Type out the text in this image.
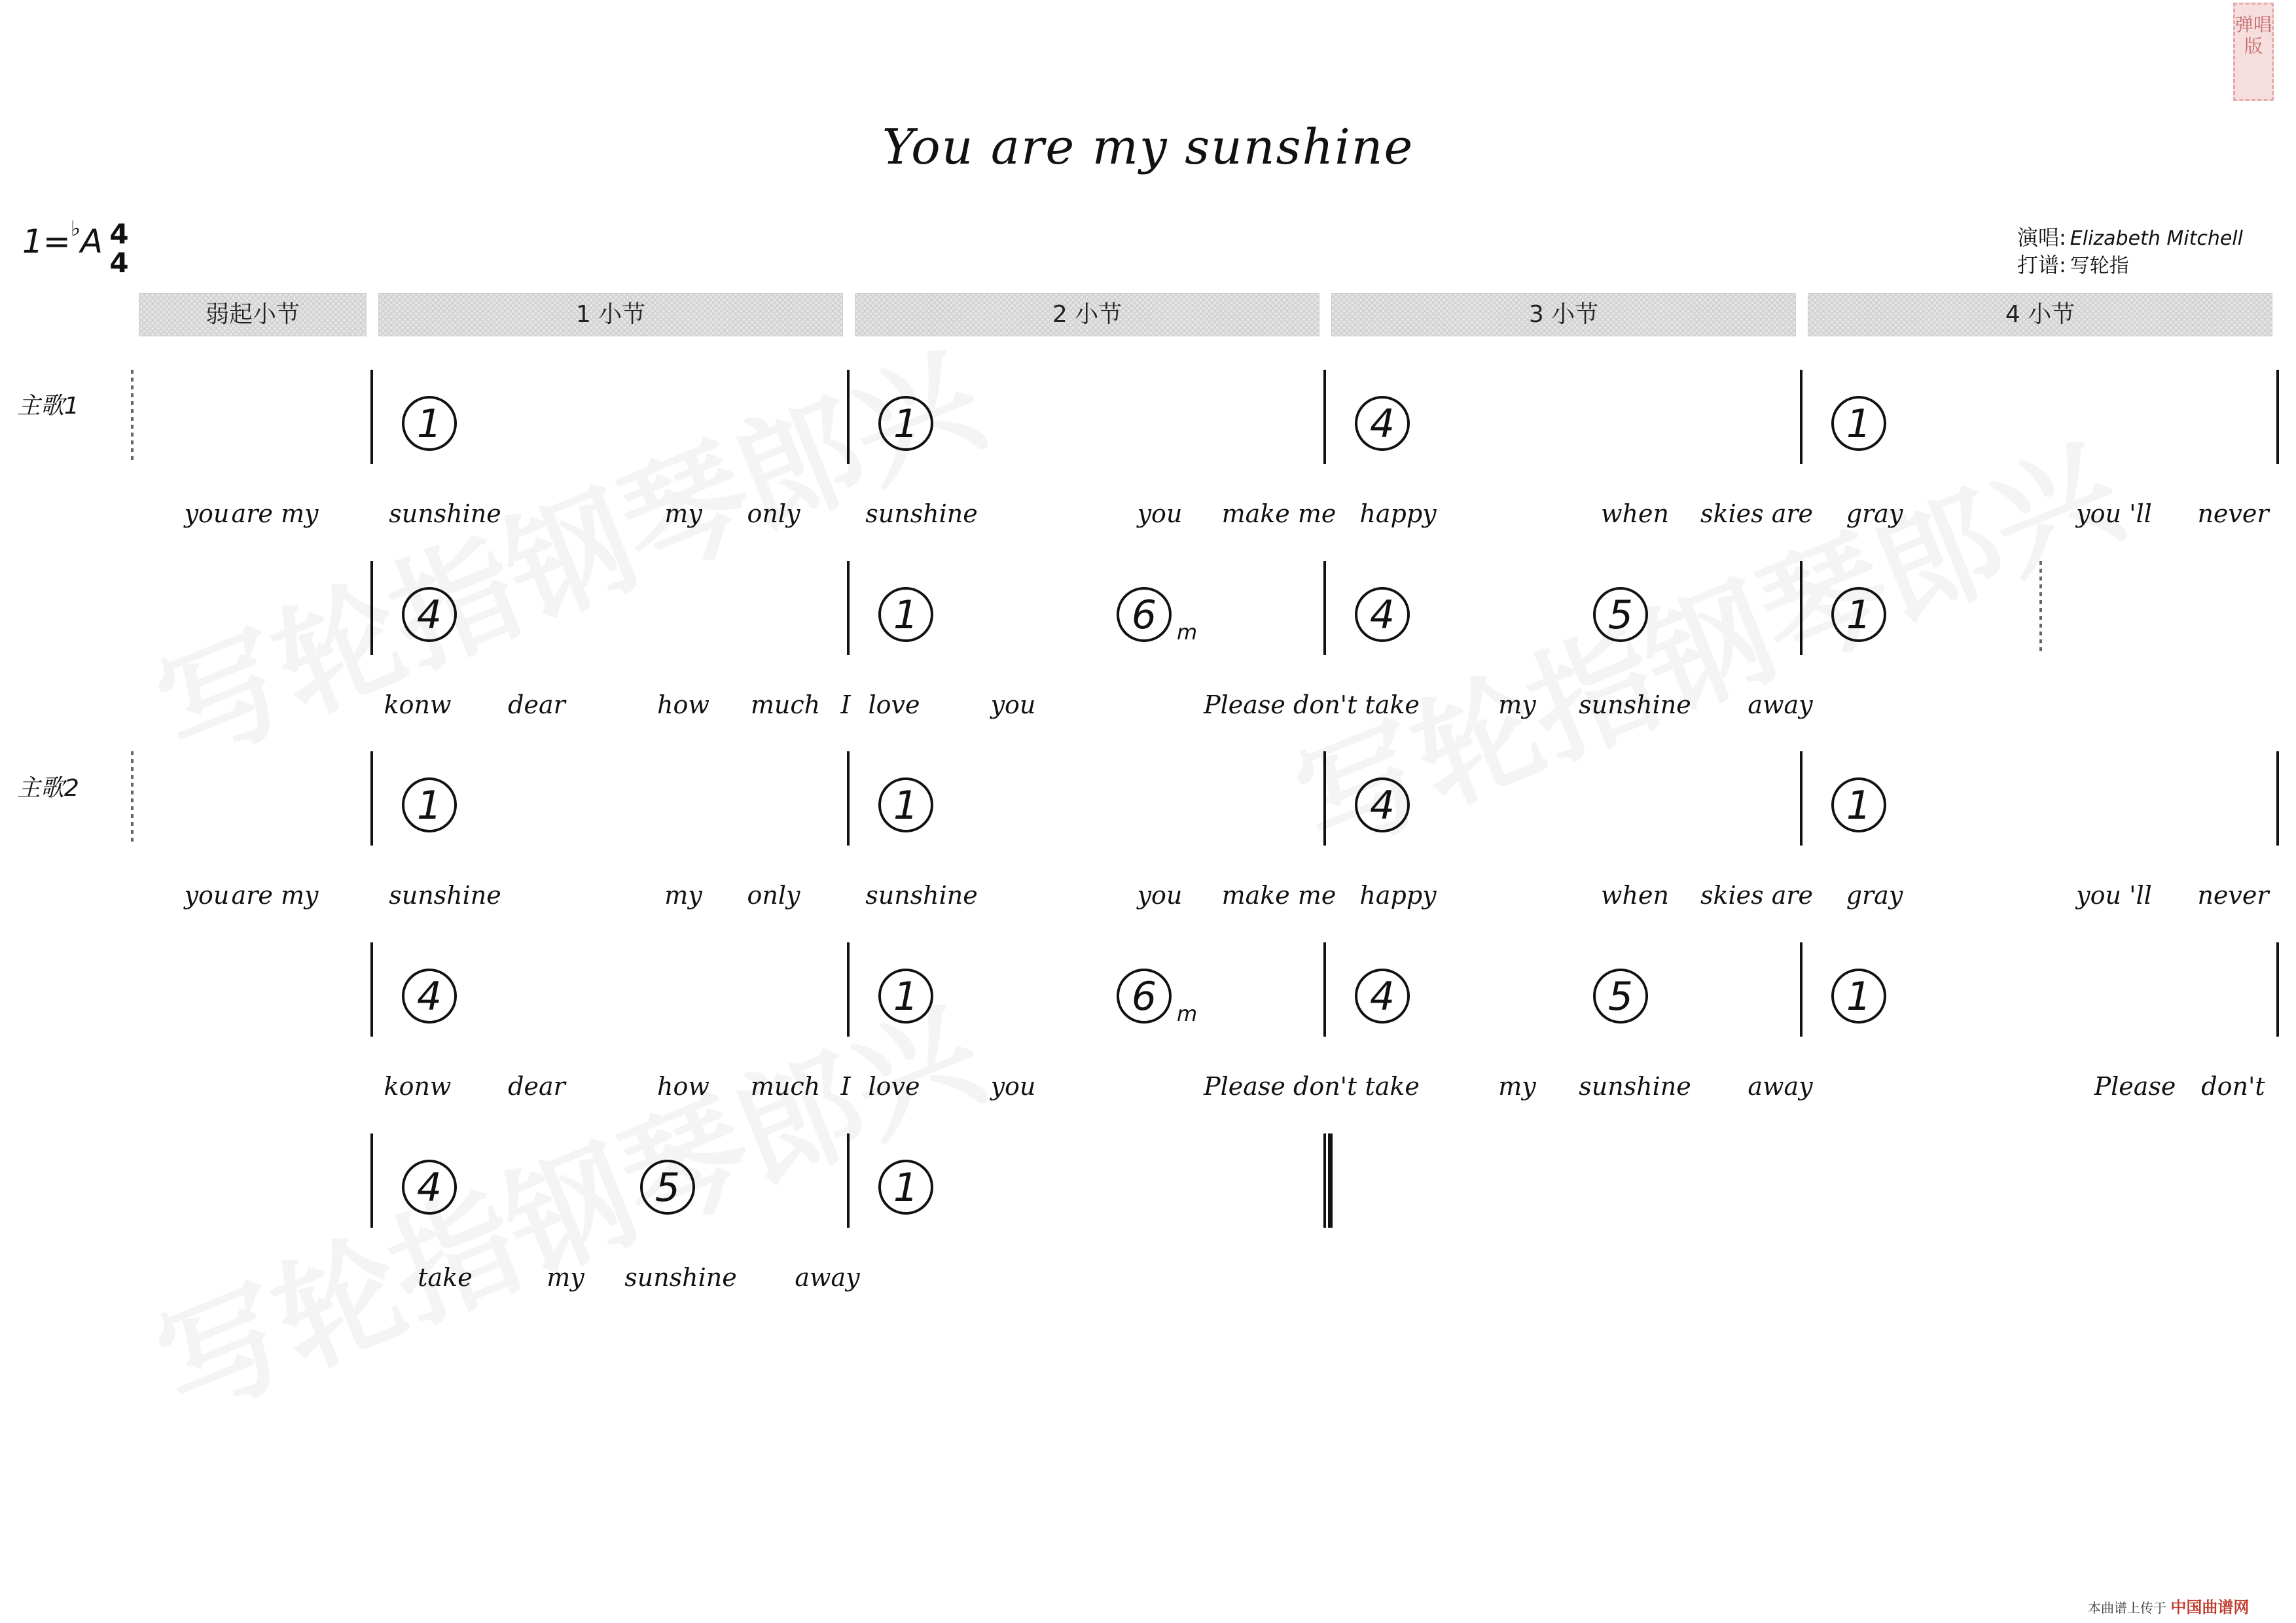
You are my sunshine
弹唱版
1=♭A 4
4
演唱: Elizabeth Mitchell
打谱: 写轮指
弱起小节	1 小节	2 小节	3 小节	4 小节
主歌1
主歌2
1	1	4	1
you are my	sunshine	my only	sunshine	you make me happy	when skies are gray	you 'll never
4	1	6 m	4	5	1
konw dear	how much I love	you	Please don't take	my sunshine away
1	1	4	1
you are my	sunshine	my only	sunshine	you make me happy	when skies are gray	you 'll never
4	1	6 m	4	5	1
konw dear	how much I love	you	Please don't take	my sunshine away	Please don't
4	5	1
take	my sunshine away
本曲谱上传于 中国曲谱网
